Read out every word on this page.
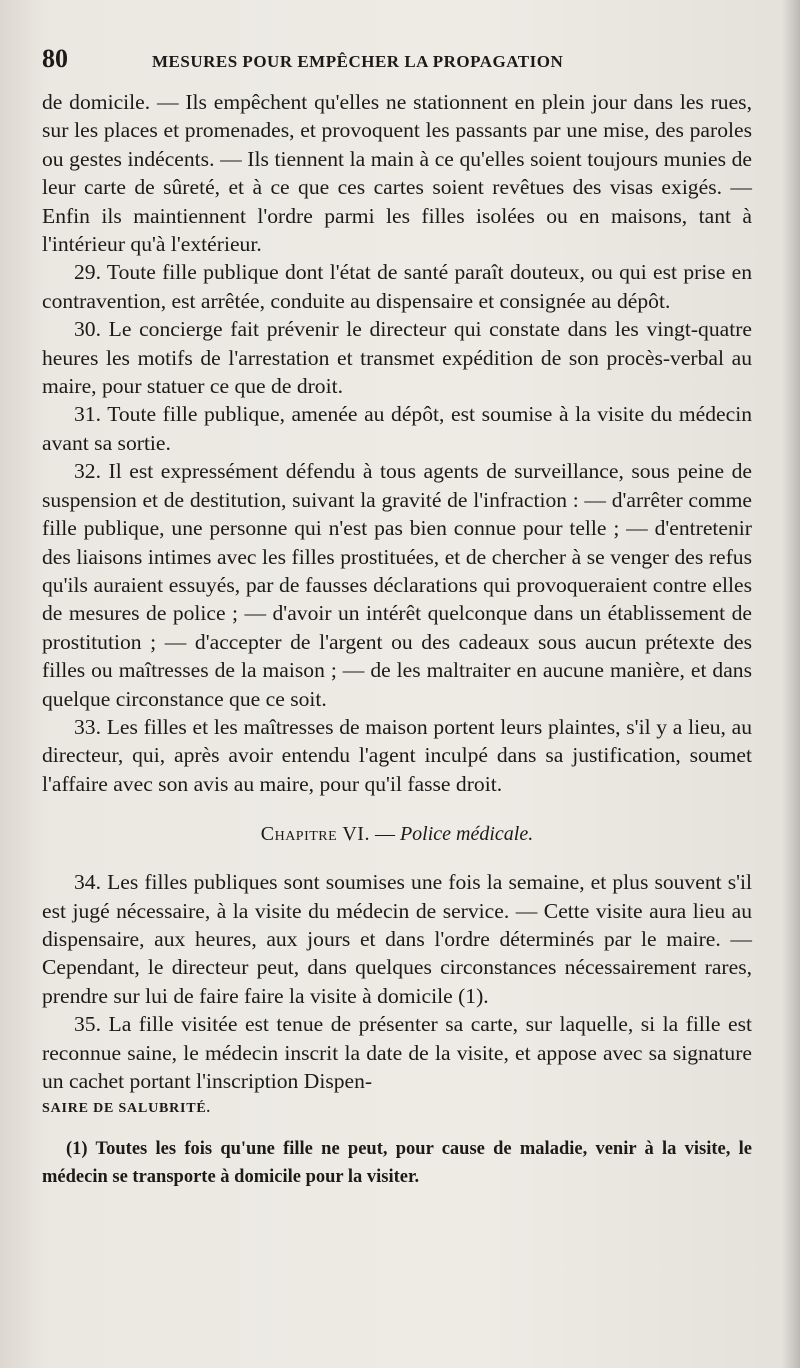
80	MESURES POUR EMPÊCHER LA PROPAGATION

de domicile. — Ils empêchent qu'elles ne stationnent en plein jour dans les rues, sur les places et promenades, et provoquent les passants par une mise, des paroles ou gestes indécents. — Ils tiennent la main à ce qu'elles soient toujours munies de leur carte de sûreté, et à ce que ces cartes soient revêtues des visas exigés. — Enfin ils maintiennent l'ordre parmi les filles isolées ou en maisons, tant à l'intérieur qu'à l'extérieur.

29. Toute fille publique dont l'état de santé paraît douteux, ou qui est prise en contravention, est arrêtée, conduite au dispensaire et consignée au dépôt.

30. Le concierge fait prévenir le directeur qui constate dans les vingt-quatre heures les motifs de l'arrestation et transmet expédition de son procès-verbal au maire, pour statuer ce que de droit.

31. Toute fille publique, amenée au dépôt, est soumise à la visite du médecin avant sa sortie.

32. Il est expressément défendu à tous agents de surveillance, sous peine de suspension et de destitution, suivant la gravité de l'infraction : — d'arrêter comme fille publique, une personne qui n'est pas bien connue pour telle ; — d'entretenir des liaisons intimes avec les filles prostituées, et de chercher à se venger des refus qu'ils auraient essuyés, par de fausses déclarations qui provoqueraient contre elles de mesures de police ; — d'avoir un intérêt quelconque dans un établissement de prostitution ; — d'accepter de l'argent ou des cadeaux sous aucun prétexte des filles ou maîtresses de la maison ; — de les maltraiter en aucune manière, et dans quelque circonstance que ce soit.

33. Les filles et les maîtresses de maison portent leurs plaintes, s'il y a lieu, au directeur, qui, après avoir entendu l'agent inculpé dans sa justification, soumet l'affaire avec son avis au maire, pour qu'il fasse droit.

Chapitre VI. — Police médicale.

34. Les filles publiques sont soumises une fois la semaine, et plus souvent s'il est jugé nécessaire, à la visite du médecin de service. — Cette visite aura lieu au dispensaire, aux heures, aux jours et dans l'ordre déterminés par le maire. — Cependant, le directeur peut, dans quelques circonstances nécessairement rares, prendre sur lui de faire faire la visite à domicile (1).

35. La fille visitée est tenue de présenter sa carte, sur laquelle, si la fille est reconnue saine, le médecin inscrit la date de la visite, et appose avec sa signature un cachet portant l'inscription Dispen-

SAIRE DE SALUBRITÉ.

(1) Toutes les fois qu'une fille ne peut, pour cause de maladie, venir à la visite, le médecin se transporte à domicile pour la visiter.
